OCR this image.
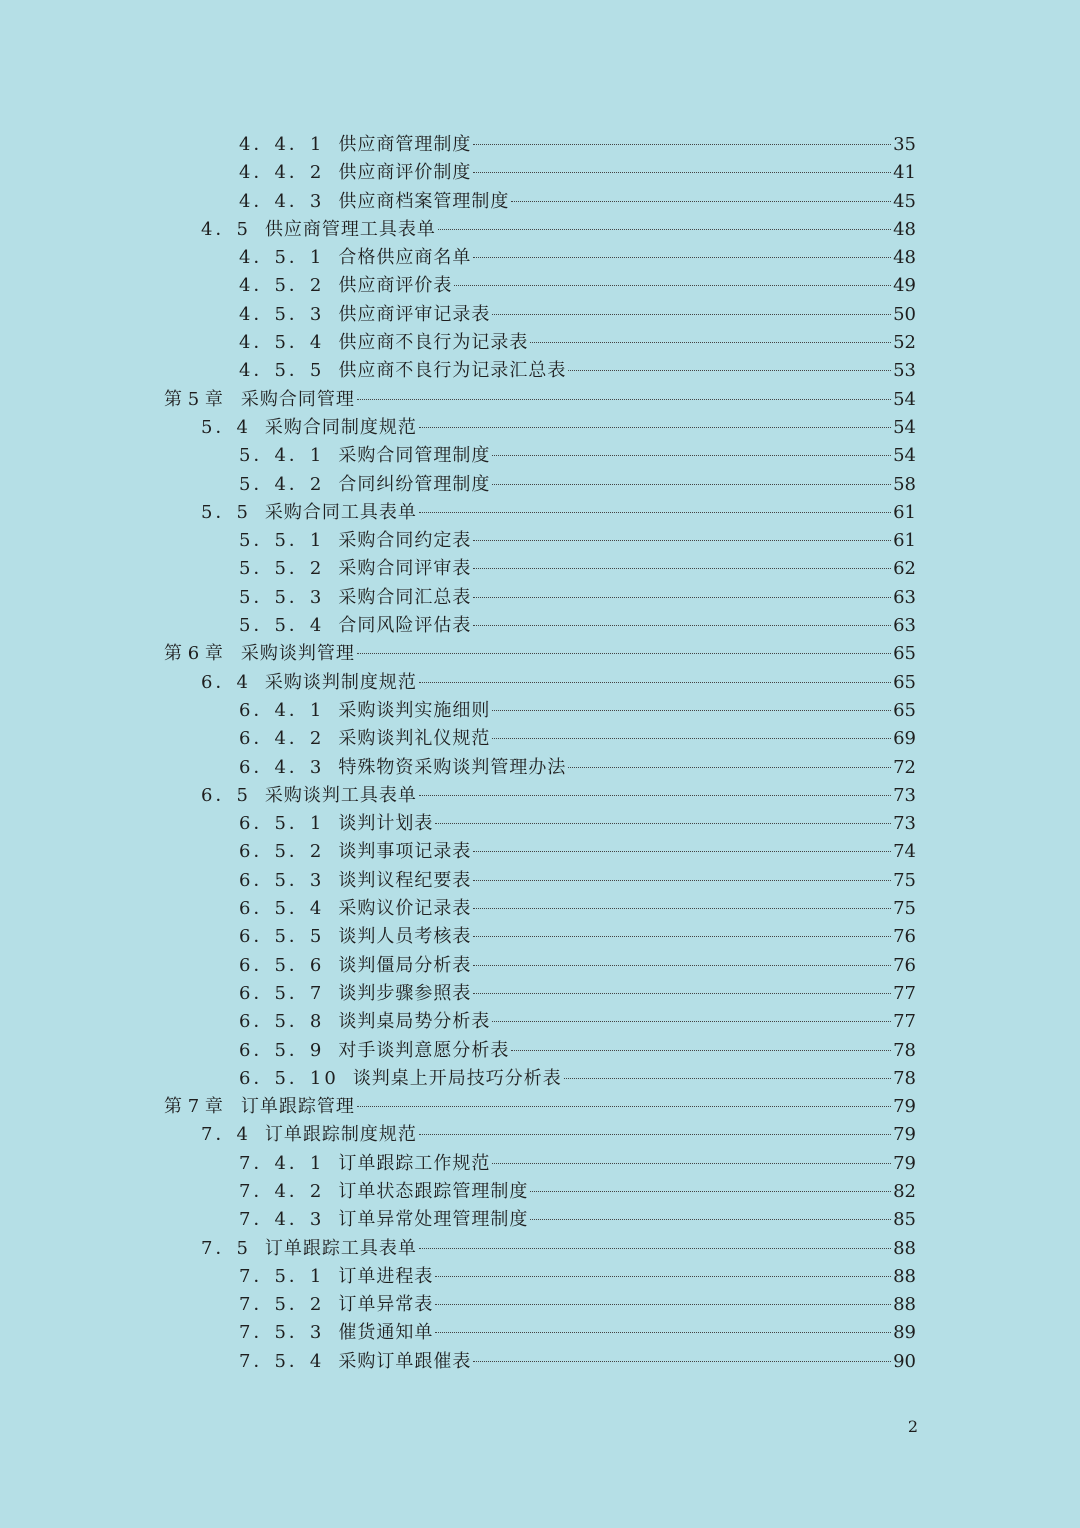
4．4．1 供应商管理制度	35
4．4．2 供应商评价制度	41
4．4．3 供应商档案管理制度	45
4．5 供应商管理工具表单	48
4．5．1 合格供应商名单	48
4．5．2 供应商评价表	49
4．5．3 供应商评审记录表	50
4．5．4 供应商不良行为记录表	52
4．5．5 供应商不良行为记录汇总表	53
第 5 章	采购合同管理	54
5．4 采购合同制度规范	54
5．4．1 采购合同管理制度	54
5．4．2 合同纠纷管理制度	58
5．5 采购合同工具表单	61
5．5．1 采购合同约定表	61
5．5．2 采购合同评审表	62
5．5．3 采购合同汇总表	63
5．5．4 合同风险评估表	63
第 6 章	采购谈判管理	65
6．4 采购谈判制度规范	65
6．4．1 采购谈判实施细则	65
6．4．2 采购谈判礼仪规范	69
6．4．3 特殊物资采购谈判管理办法	72
6．5 采购谈判工具表单	73
6．5．1 谈判计划表	73
6．5．2 谈判事项记录表	74
6．5．3 谈判议程纪要表	75
6．5．4 采购议价记录表	75
6．5．5 谈判人员考核表	76
6．5．6 谈判僵局分析表	76
6．5．7 谈判步骤参照表	77
6．5．8 谈判桌局势分析表	77
6．5．9 对手谈判意愿分析表	78
6．5．10 谈判桌上开局技巧分析表	78
第 7 章	订单跟踪管理	79
7．4 订单跟踪制度规范	79
7．4．1 订单跟踪工作规范	79
7．4．2 订单状态跟踪管理制度	82
7．4．3 订单异常处理管理制度	85
7．5 订单跟踪工具表单	88
7．5．1 订单进程表	88
7．5．2 订单异常表	88
7．5．3 催货通知单	89
7．5．4 采购订单跟催表	90
2
